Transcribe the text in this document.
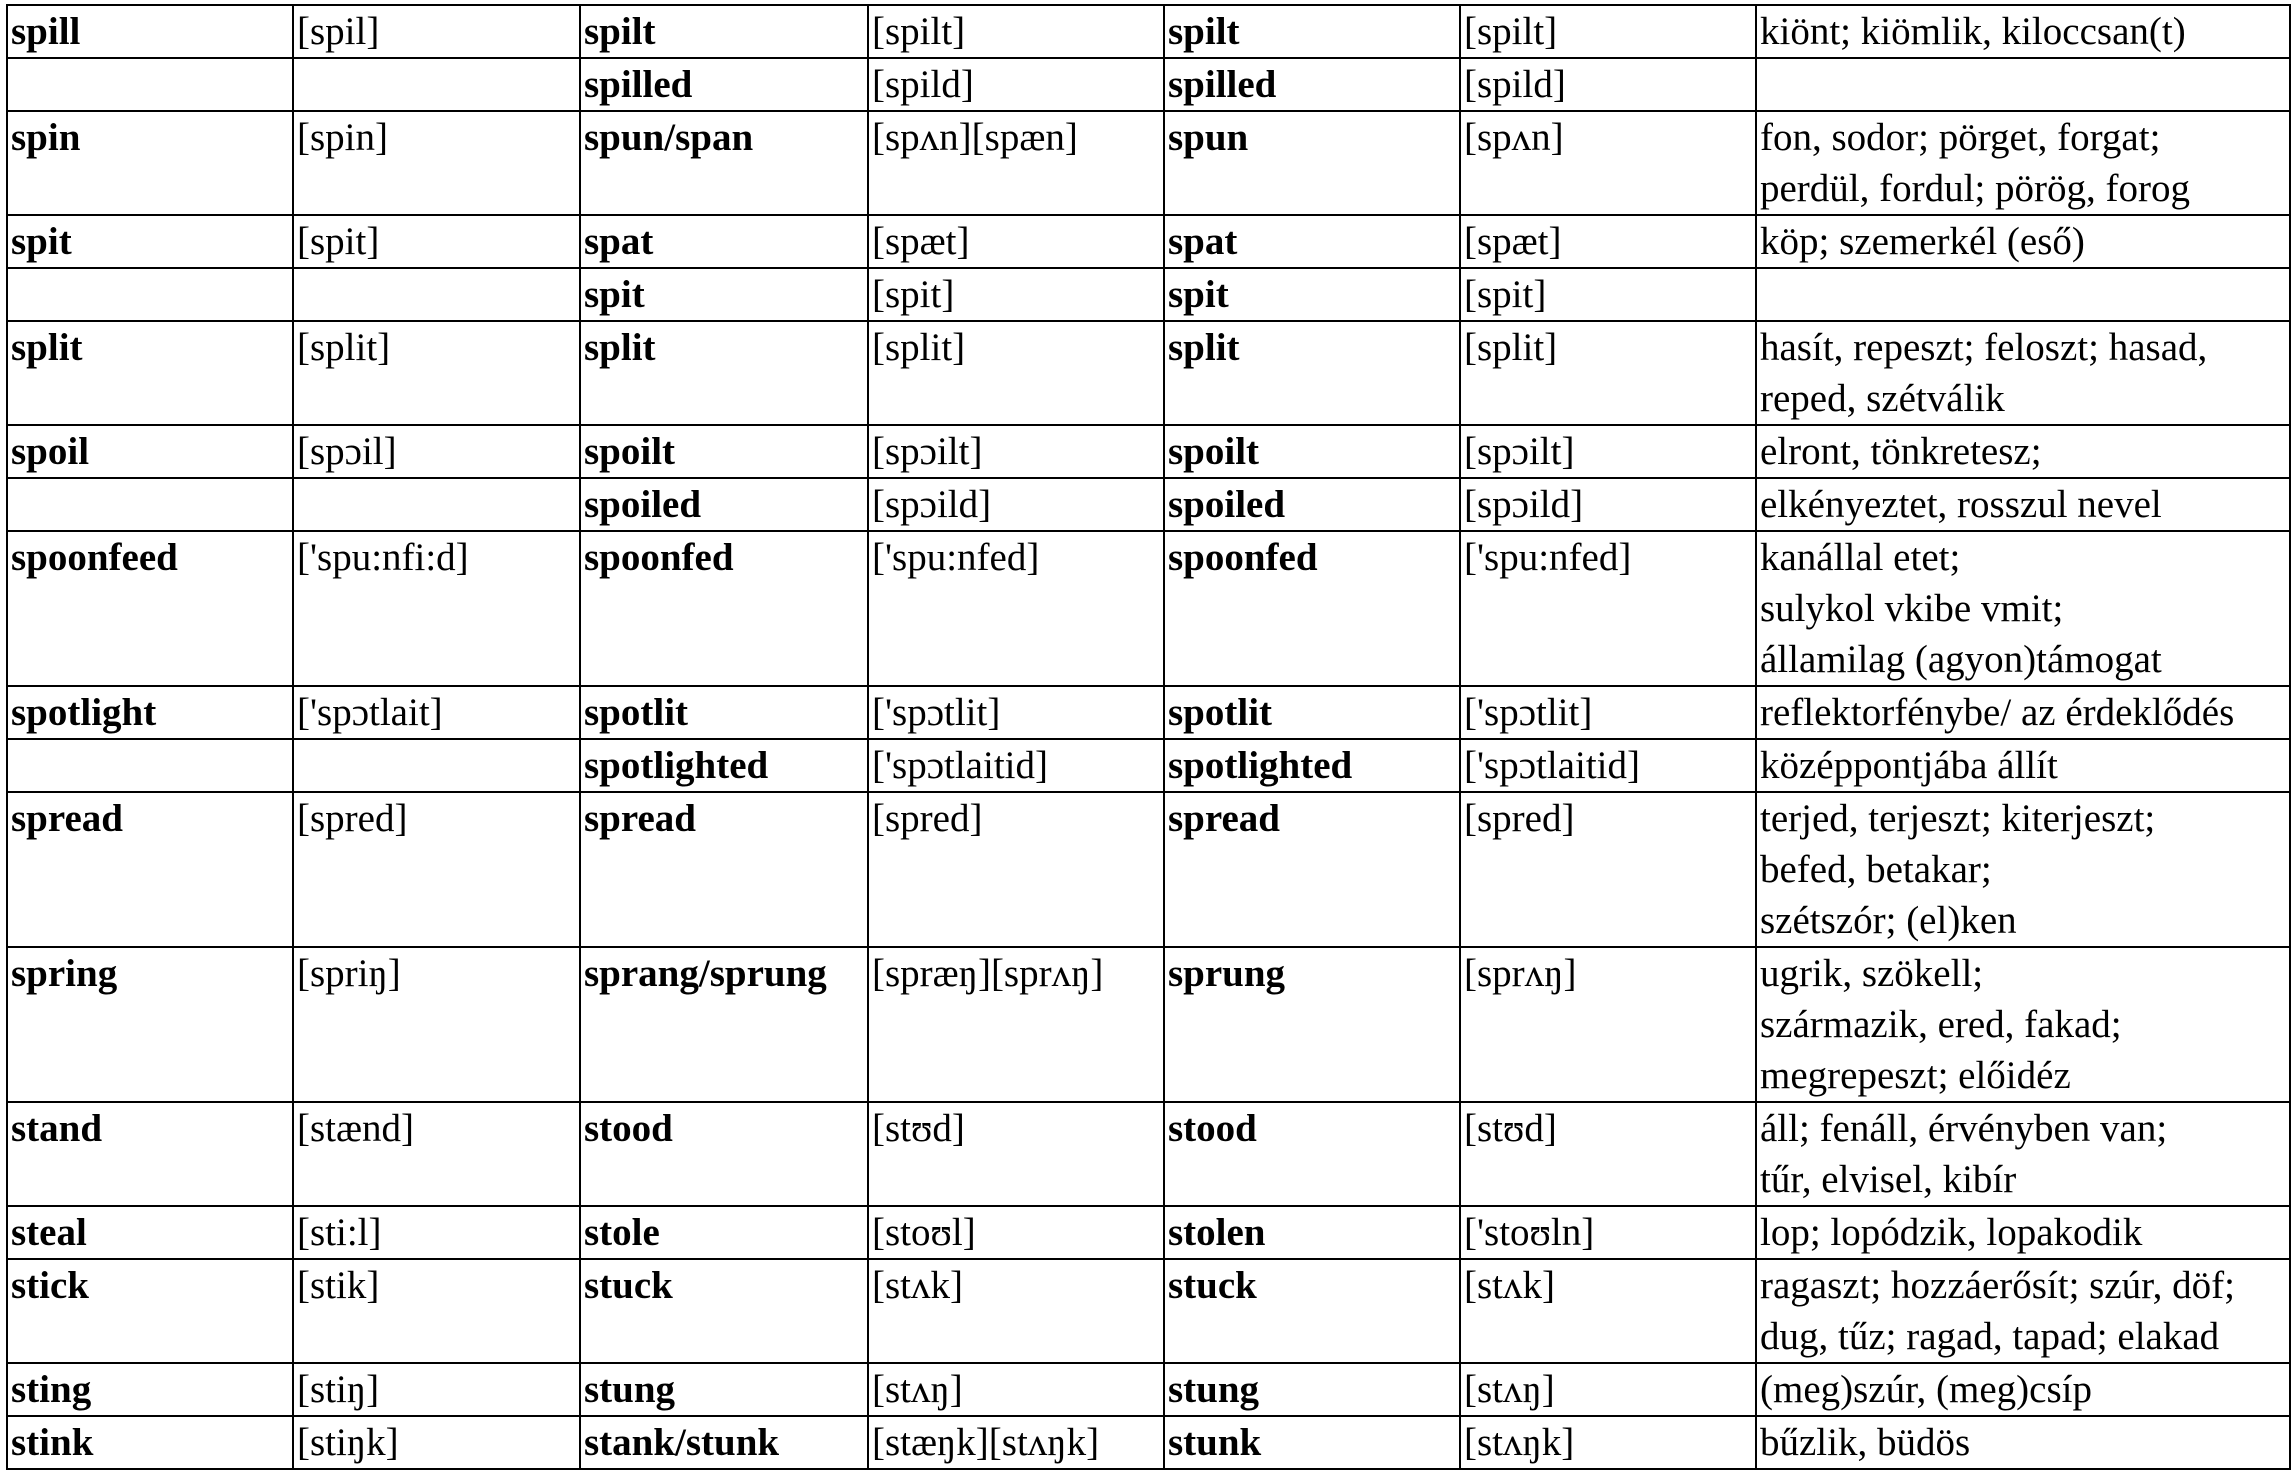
spill	[spil]	spilt	[spilt]	spilt	[spilt]	kiönt; kiömlik, kiloccsan(t)

		spilled	[spild]	spilled	[spild]	

spin	[spin]	spun/span	[spʌn][spæn]	spun	[spʌn]	fon, sodor; pörget, forgat;
perdül, fordul; pörög, forog

spit	[spit]	spat	[spæt]	spat	[spæt]	köp; szemerkél (eső)

		spit	[spit]	spit	[spit]	

split	[split]	split	[split]	split	[split]	hasít, repeszt; feloszt; hasad,
reped, szétválik

spoil	[spɔil]	spoilt	[spɔilt]	spoilt	[spɔilt]	elront, tönkretesz;

		spoiled	[spɔild]	spoiled	[spɔild]	elkényeztet, rosszul nevel

spoonfeed	['spu:nfi:d]	spoonfed	['spu:nfed]	spoonfed	['spu:nfed]	kanállal etet;
sulykol vkibe vmit;
államilag (agyon)támogat

spotlight	['spɔtlait]	spotlit	['spɔtlit]	spotlit	['spɔtlit]	reflektorfénybe/ az érdeklődés

		spotlighted	['spɔtlaitid]	spotlighted	['spɔtlaitid]	középpontjába állít

spread	[spred]	spread	[spred]	spread	[spred]	terjed, terjeszt; kiterjeszt;
befed, betakar;
szétszór; (el)ken

spring	[spriŋ]	sprang/sprung	[spræŋ][sprʌŋ]	sprung	[sprʌŋ]	ugrik, szökell;
származik, ered, fakad;
megrepeszt; előidéz

stand	[stænd]	stood	[stʊd]	stood	[stʊd]	áll; fenáll, érvényben van;
tűr, elvisel, kibír

steal	[sti:l]	stole	[stoʊl]	stolen	['stoʊln]	lop; lopódzik, lopakodik

stick	[stik]	stuck	[stʌk]	stuck	[stʌk]	ragaszt; hozzáerősít; szúr, döf;
dug, tűz; ragad, tapad; elakad

sting	[stiŋ]	stung	[stʌŋ]	stung	[stʌŋ]	(meg)szúr, (meg)csíp

stink	[stiŋk]	stank/stunk	[stæŋk][stʌŋk]	stunk	[stʌŋk]	bűzlik, büdös
